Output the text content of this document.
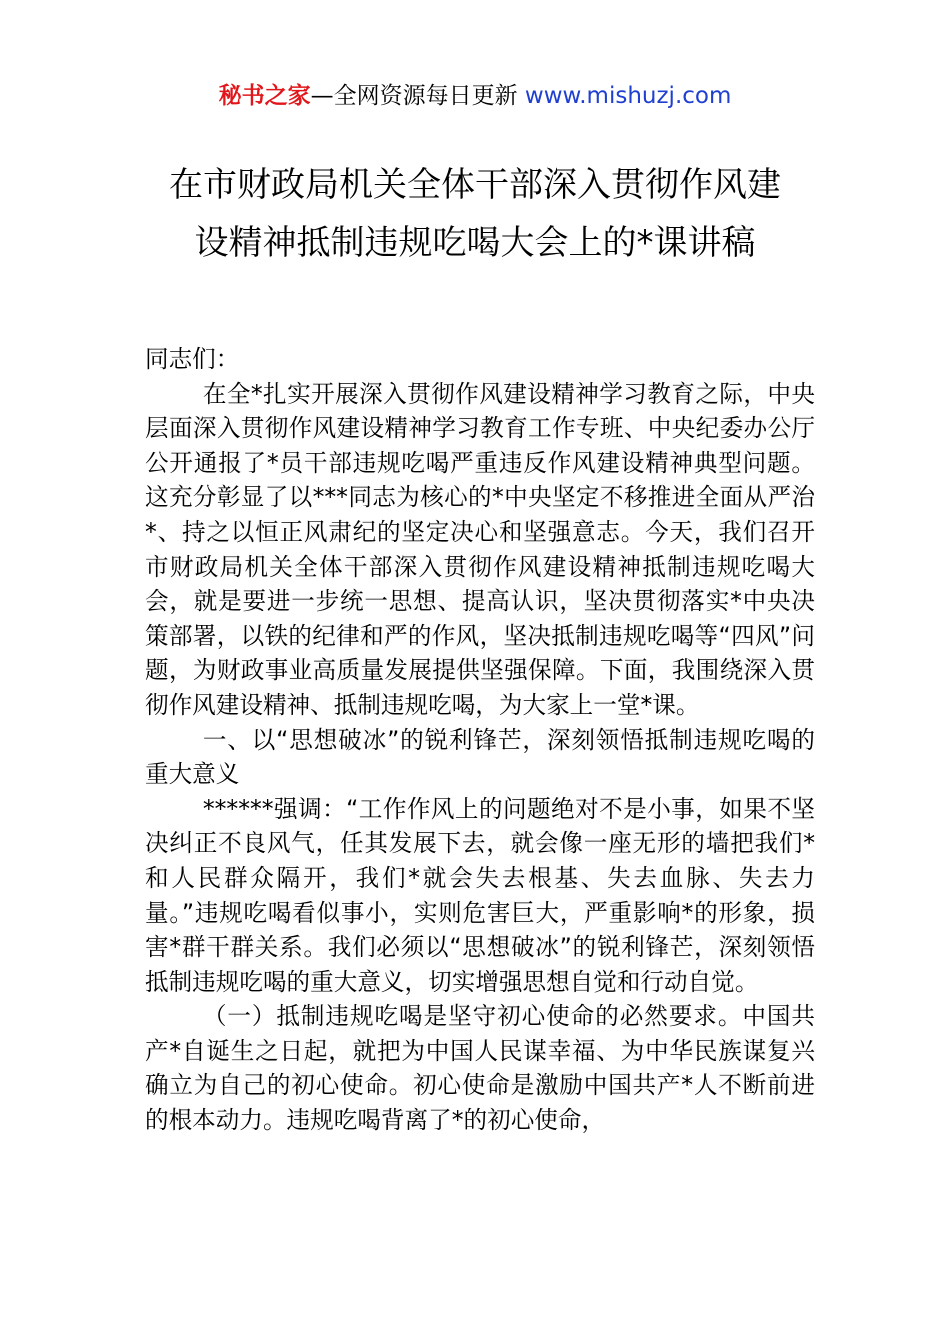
秘书之家—全网资源每日更新 www.mishuzj.com
在市财政局机关全体干部深入贯彻作风建
设精神抵制违规吃喝大会上的*课讲稿

同志们：

在全*扎实开展深入贯彻作风建设精神学习教育之际，中央层面深入贯彻作风建设精神学习教育工作专班、中央纪委办公厅公开通报了*员干部违规吃喝严重违反作风建设精神典型问题。这充分彰显了以***同志为核心的*中央坚定不移推进全面从严治*、持之以恒正风肃纪的坚定决心和坚强意志。今天，我们召开市财政局机关全体干部深入贯彻作风建设精神抵制违规吃喝大会，就是要进一步统一思想、提高认识，坚决贯彻落实*中央决策部署，以铁的纪律和严的作风，坚决抵制违规吃喝等“四风”问题，为财政事业高质量发展提供坚强保障。下面，我围绕深入贯彻作风建设精神、抵制违规吃喝，为大家上一堂*课。

一、以“思想破冰”的锐利锋芒，深刻领悟抵制违规吃喝的重大意义

******强调：“工作作风上的问题绝对不是小事，如果不坚决纠正不良风气，任其发展下去，就会像一座无形的墙把我们*和人民群众隔开，我们*就会失去根基、失去血脉、失去力量。”违规吃喝看似事小，实则危害巨大，严重影响*的形象，损害*群干群关系。我们必须以“思想破冰”的锐利锋芒，深刻领悟抵制违规吃喝的重大意义，切实增强思想自觉和行动自觉。

（一）抵制违规吃喝是坚守初心使命的必然要求。中国共产*自诞生之日起，就把为中国人民谋幸福、为中华民族谋复兴确立为自己的初心使命。初心使命是激励中国共产*人不断前进的根本动力。违规吃喝背离了*的初心使命，
